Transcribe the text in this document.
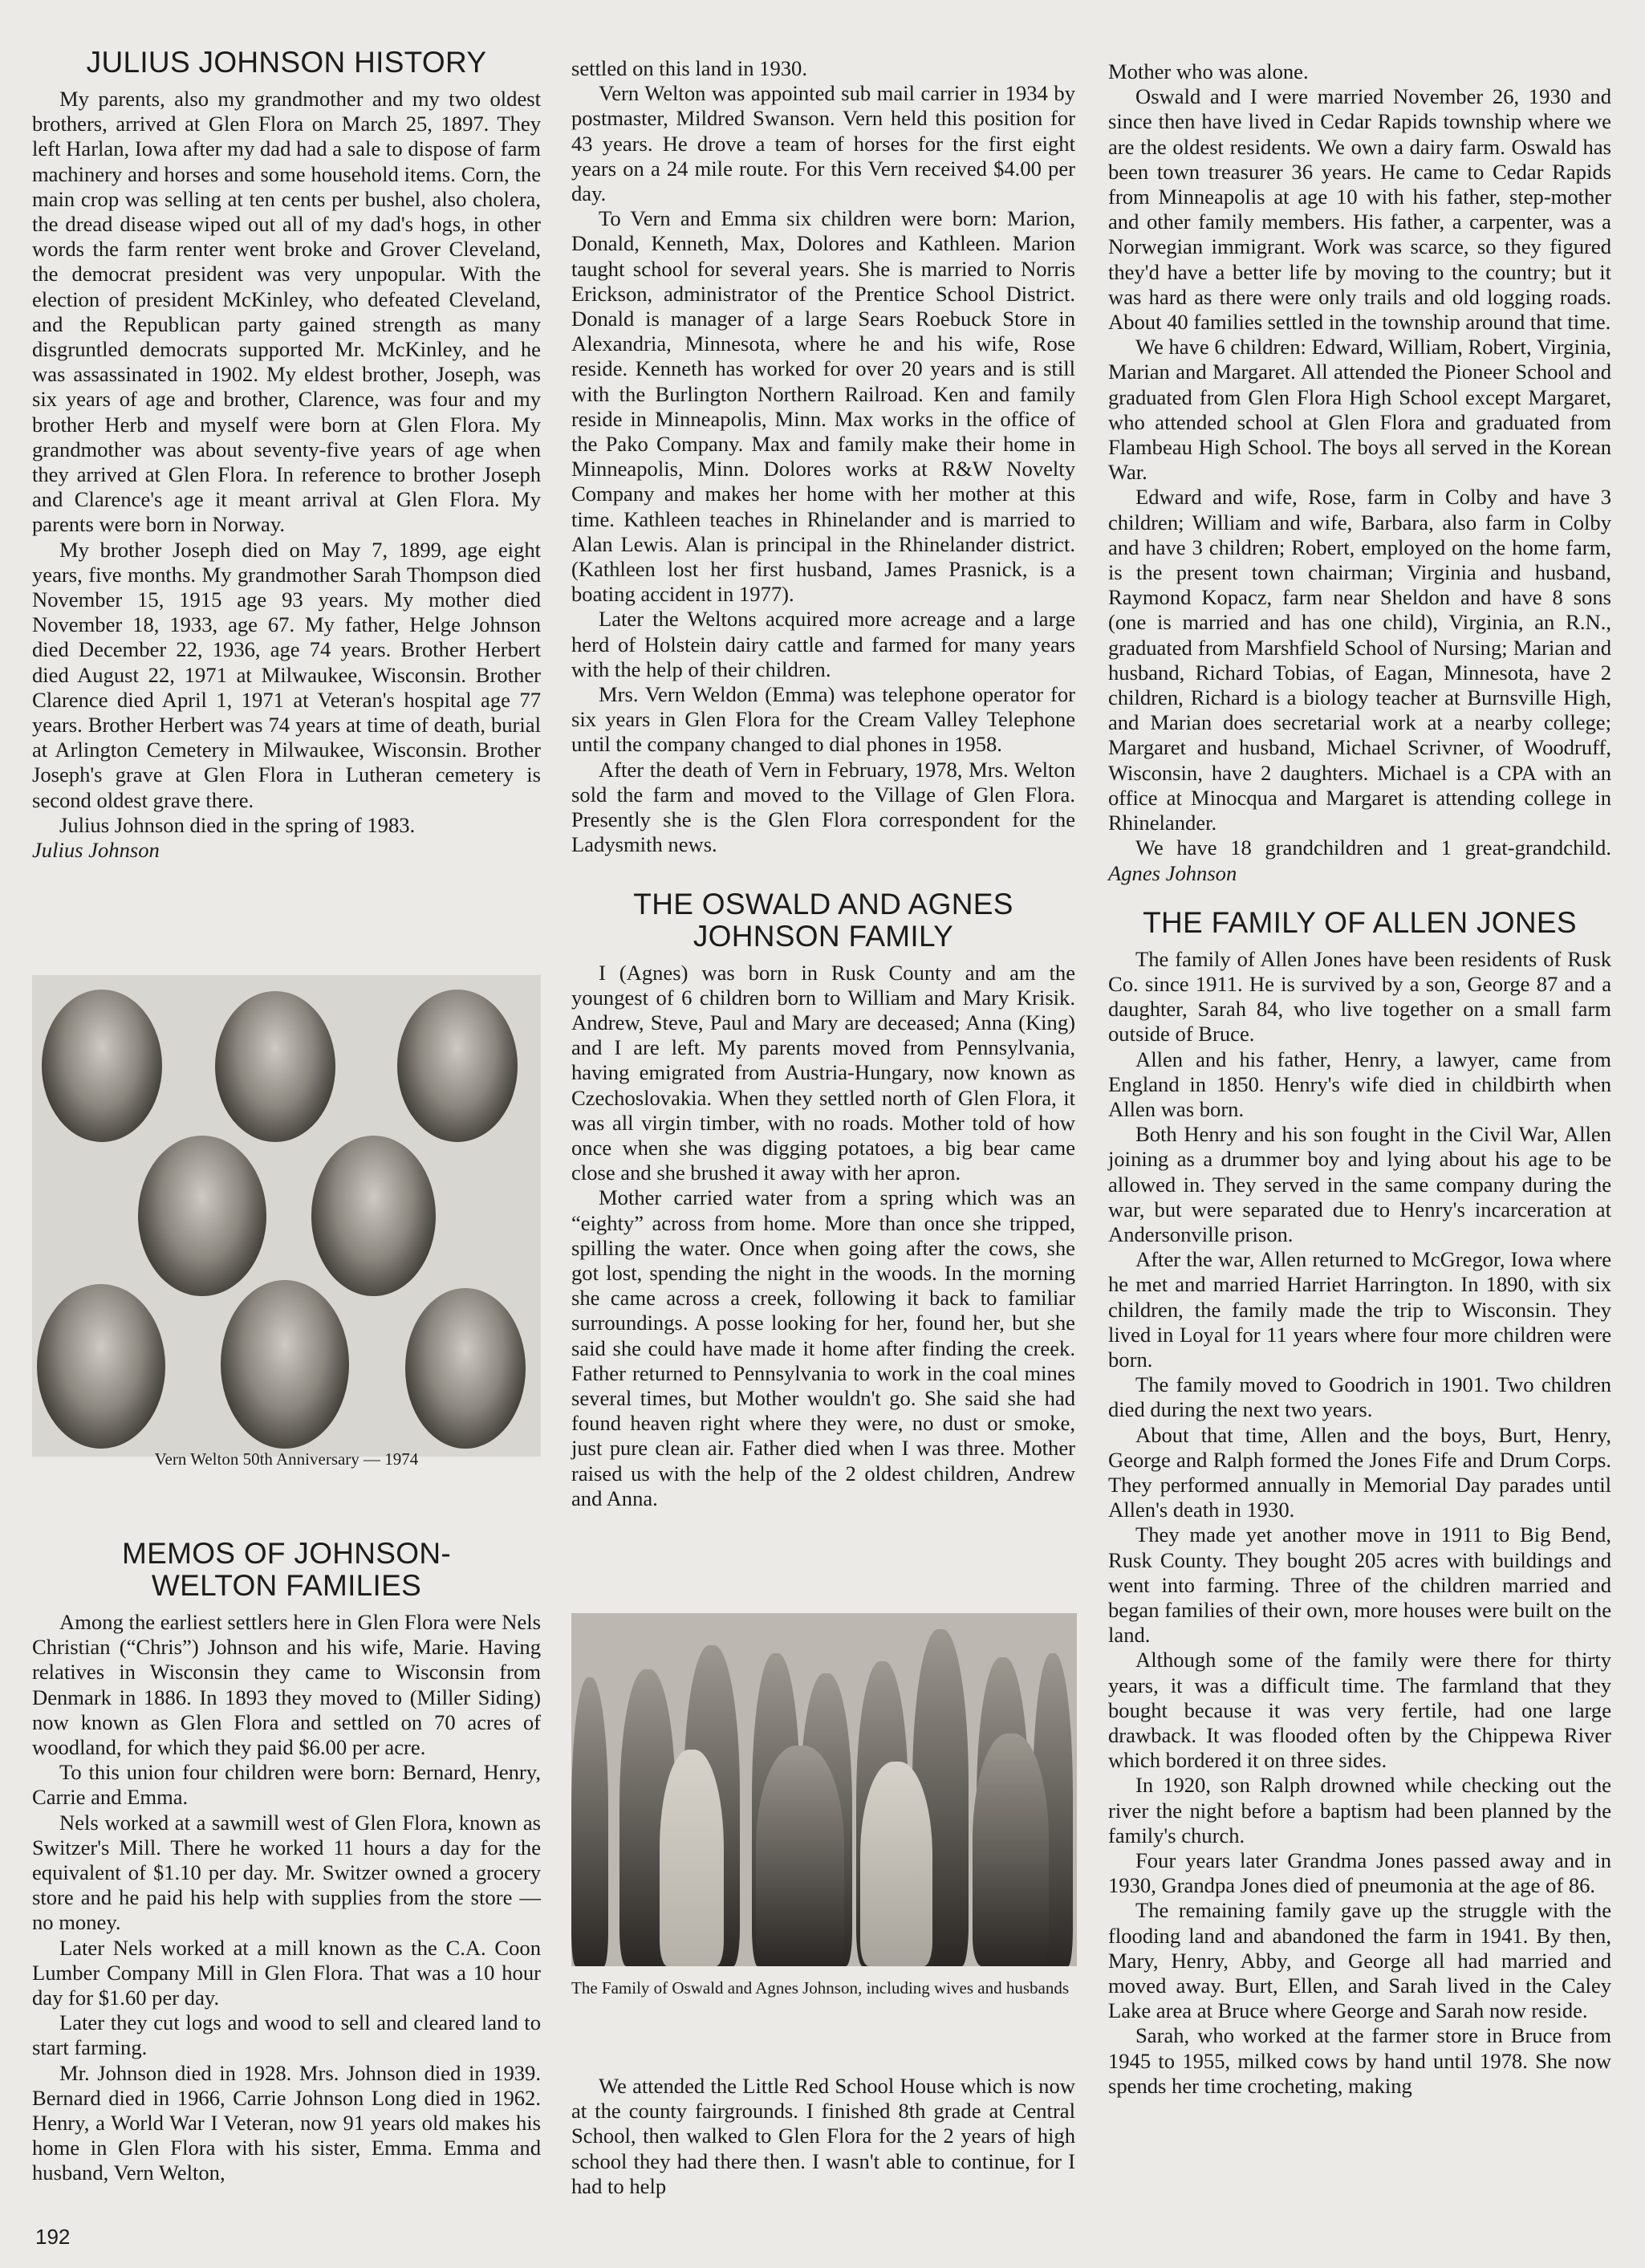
JULIUS JOHNSON HISTORY

My parents, also my grandmother and my two oldest brothers, arrived at Glen Flora on March 25, 1897. They left Harlan, Iowa after my dad had a sale to dispose of farm machinery and horses and some household items. Corn, the main crop was selling at ten cents per bushel, also cholera, the dread disease wiped out all of my dad's hogs, in other words the farm renter went broke and Grover Cleveland, the democrat president was very unpopular. With the election of president McKinley, who defeated Cleveland, and the Republican party gained strength as many disgruntled democrats supported Mr. McKinley, and he was assassinated in 1902. My eldest brother, Joseph, was six years of age and brother, Clarence, was four and my brother Herb and myself were born at Glen Flora. My grandmother was about seventy-five years of age when they arrived at Glen Flora. In reference to brother Joseph and Clarence's age it meant arrival at Glen Flora. My parents were born in Norway.

My brother Joseph died on May 7, 1899, age eight years, five months. My grandmother Sarah Thompson died November 15, 1915 age 93 years. My mother died November 18, 1933, age 67. My father, Helge Johnson died December 22, 1936, age 74 years. Brother Herbert died August 22, 1971 at Milwaukee, Wisconsin. Brother Clarence died April 1, 1971 at Veteran's hospital age 77 years. Brother Herbert was 74 years at time of death, burial at Arlington Cemetery in Milwaukee, Wisconsin. Brother Joseph's grave at Glen Flora in Lutheran cemetery is second oldest grave there.

Julius Johnson died in the spring of 1983.

Julius Johnson

Vern Welton 50th Anniversary — 1974
MEMOS OF JOHNSON-WELTON FAMILIES

Among the earliest settlers here in Glen Flora were Nels Christian (“Chris”) Johnson and his wife, Marie. Having relatives in Wisconsin they came to Wisconsin from Denmark in 1886. In 1893 they moved to (Miller Siding) now known as Glen Flora and settled on 70 acres of woodland, for which they paid $6.00 per acre.

To this union four children were born: Bernard, Henry, Carrie and Emma.

Nels worked at a sawmill west of Glen Flora, known as Switzer's Mill. There he worked 11 hours a day for the equivalent of $1.10 per day. Mr. Switzer owned a grocery store and he paid his help with supplies from the store — no money.

Later Nels worked at a mill known as the C.A. Coon Lumber Company Mill in Glen Flora. That was a 10 hour day for $1.60 per day.

Later they cut logs and wood to sell and cleared land to start farming.

Mr. Johnson died in 1928. Mrs. Johnson died in 1939. Bernard died in 1966, Carrie Johnson Long died in 1962. Henry, a World War I Veteran, now 91 years old makes his home in Glen Flora with his sister, Emma. Emma and husband, Vern Welton,

settled on this land in 1930.

Vern Welton was appointed sub mail carrier in 1934 by postmaster, Mildred Swanson. Vern held this position for 43 years. He drove a team of horses for the first eight years on a 24 mile route. For this Vern received $4.00 per day.

To Vern and Emma six children were born: Marion, Donald, Kenneth, Max, Dolores and Kathleen. Marion taught school for several years. She is married to Norris Erickson, administrator of the Prentice School District. Donald is manager of a large Sears Roebuck Store in Alexandria, Minnesota, where he and his wife, Rose reside. Kenneth has worked for over 20 years and is still with the Burlington Northern Railroad. Ken and family reside in Minneapolis, Minn. Max works in the office of the Pako Company. Max and family make their home in Minneapolis, Minn. Dolores works at R&W Novelty Company and makes her home with her mother at this time. Kathleen teaches in Rhinelander and is married to Alan Lewis. Alan is principal in the Rhinelander district. (Kathleen lost her first husband, James Prasnick, is a boating accident in 1977).

Later the Weltons acquired more acreage and a large herd of Holstein dairy cattle and farmed for many years with the help of their children.

Mrs. Vern Weldon (Emma) was telephone operator for six years in Glen Flora for the Cream Valley Telephone until the company changed to dial phones in 1958.

After the death of Vern in February, 1978, Mrs. Welton sold the farm and moved to the Village of Glen Flora. Presently she is the Glen Flora correspondent for the Ladysmith news.

THE OSWALD AND AGNES JOHNSON FAMILY

I (Agnes) was born in Rusk County and am the youngest of 6 children born to William and Mary Krisik. Andrew, Steve, Paul and Mary are deceased; Anna (King) and I are left. My parents moved from Pennsylvania, having emigrated from Austria-Hungary, now known as Czechoslovakia. When they settled north of Glen Flora, it was all virgin timber, with no roads. Mother told of how once when she was digging potatoes, a big bear came close and she brushed it away with her apron.

Mother carried water from a spring which was an “eighty” across from home. More than once she tripped, spilling the water. Once when going after the cows, she got lost, spending the night in the woods. In the morning she came across a creek, following it back to familiar surroundings. A posse looking for her, found her, but she said she could have made it home after finding the creek. Father returned to Pennsylvania to work in the coal mines several times, but Mother wouldn't go. She said she had found heaven right where they were, no dust or smoke, just pure clean air. Father died when I was three. Mother raised us with the help of the 2 oldest children, Andrew and Anna.

The Family of Oswald and Agnes Johnson, including wives and husbands

We attended the Little Red School House which is now at the county fairgrounds. I finished 8th grade at Central School, then walked to Glen Flora for the 2 years of high school they had there then. I wasn't able to continue, for I had to help

Mother who was alone.

Oswald and I were married November 26, 1930 and since then have lived in Cedar Rapids township where we are the oldest residents. We own a dairy farm. Oswald has been town treasurer 36 years. He came to Cedar Rapids from Minneapolis at age 10 with his father, step-mother and other family members. His father, a carpenter, was a Norwegian immigrant. Work was scarce, so they figured they'd have a better life by moving to the country; but it was hard as there were only trails and old logging roads. About 40 families settled in the township around that time.

We have 6 children: Edward, William, Robert, Virginia, Marian and Margaret. All attended the Pioneer School and graduated from Glen Flora High School except Margaret, who attended school at Glen Flora and graduated from Flambeau High School. The boys all served in the Korean War.

Edward and wife, Rose, farm in Colby and have 3 children; William and wife, Barbara, also farm in Colby and have 3 children; Robert, employed on the home farm, is the present town chairman; Virginia and husband, Raymond Kopacz, farm near Sheldon and have 8 sons (one is married and has one child), Virginia, an R.N., graduated from Marshfield School of Nursing; Marian and husband, Richard Tobias, of Eagan, Minnesota, have 2 children, Richard is a biology teacher at Burnsville High, and Marian does secretarial work at a nearby college; Margaret and husband, Michael Scrivner, of Woodruff, Wisconsin, have 2 daughters. Michael is a CPA with an office at Minocqua and Margaret is attending college in Rhinelander.

We have 18 grandchildren and 1 great-grandchild. Agnes Johnson

THE FAMILY OF ALLEN JONES

The family of Allen Jones have been residents of Rusk Co. since 1911. He is survived by a son, George 87 and a daughter, Sarah 84, who live together on a small farm outside of Bruce.

Allen and his father, Henry, a lawyer, came from England in 1850. Henry's wife died in childbirth when Allen was born.

Both Henry and his son fought in the Civil War, Allen joining as a drummer boy and lying about his age to be allowed in. They served in the same company during the war, but were separated due to Henry's incarceration at Andersonville prison.

After the war, Allen returned to McGregor, Iowa where he met and married Harriet Harrington. In 1890, with six children, the family made the trip to Wisconsin. They lived in Loyal for 11 years where four more children were born.

The family moved to Goodrich in 1901. Two children died during the next two years.

About that time, Allen and the boys, Burt, Henry, George and Ralph formed the Jones Fife and Drum Corps. They performed annually in Memorial Day parades until Allen's death in 1930.

They made yet another move in 1911 to Big Bend, Rusk County. They bought 205 acres with buildings and went into farming. Three of the children married and began families of their own, more houses were built on the land.

Although some of the family were there for thirty years, it was a difficult time. The farmland that they bought because it was very fertile, had one large drawback. It was flooded often by the Chippewa River which bordered it on three sides.

In 1920, son Ralph drowned while checking out the river the night before a baptism had been planned by the family's church.

Four years later Grandma Jones passed away and in 1930, Grandpa Jones died of pneumonia at the age of 86.

The remaining family gave up the struggle with the flooding land and abandoned the farm in 1941. By then, Mary, Henry, Abby, and George all had married and moved away. Burt, Ellen, and Sarah lived in the Caley Lake area at Bruce where George and Sarah now reside.

Sarah, who worked at the farmer store in Bruce from 1945 to 1955, milked cows by hand until 1978. She now spends her time crocheting, making

192
